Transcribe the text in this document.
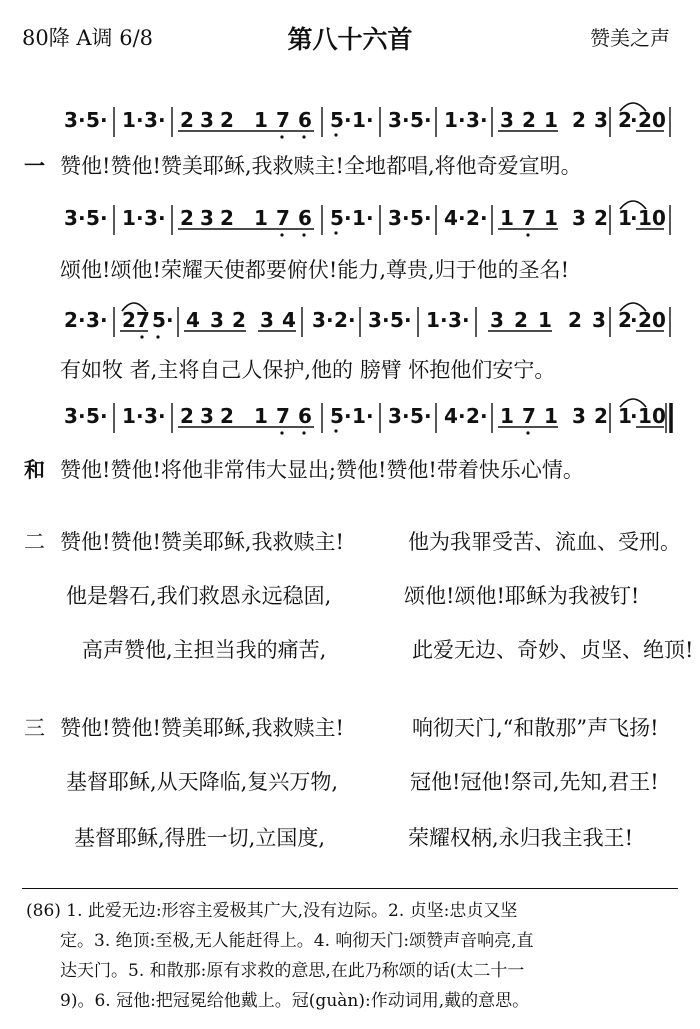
80降 A调 6/8	第八十六首	赞美之声
3 · 5 · 1 · 3 · 2 3 2 1 7 6 5 · 1 · 3 · 5 · 1 · 3 · 3 2 1 2 3 2
· 2 0
一 赞他!赞他!赞美耶稣,我救赎主!全地都唱,将他奇爱宣明。
3 · 5 · 1 · 3 · 2 3 2 1 7 6 5 · 1 · 3 · 5 · 4 · 2 · 1 7 1 3 2 1
· 1 0
颂他!颂他!荣耀天使都要俯伏!能力,尊贵,归于他的圣名!
2 · 3 · 2 7 5 · 4 3 2 3 4 3 · 2 · 3 · 5 · 1 · 3 · 3 2 1 2 3 2
· 2 0
有如牧 者,主将自己人保护,他的 膀臂 怀抱他们安宁。
3 · 5 · 1 · 3 · 2 3 2 1 7 6 5 · 1 · 3 · 5 · 4 · 2 · 1 7 1 3 2 1
· 1 0
和 赞他!赞他!将他非常伟大显出;赞他!赞他!带着快乐心情。
二 赞他!赞他!赞美耶稣,我救赎主!	他为我罪受苦、流血、受刑。
他是磐石,我们救恩永远稳固,	颂他!颂他!耶稣为我被钉!
高声赞他,主担当我的痛苦,	此爱无边、奇妙、贞坚、绝顶!
三 赞他!赞他!赞美耶稣,我救赎主!	响彻天门,“和散那”声飞扬!
基督耶稣,从天降临,复兴万物,	冠他!冠他!祭司,先知,君王!
基督耶稣,得胜一切,立国度,	荣耀权柄,永归我主我王!

(86) 1. 此爱无边:形容主爱极其广大,没有边际。2. 贞坚:忠贞又坚

　　定。3. 绝顶:至极,无人能赶得上。4. 响彻天门:颂赞声音响亮,直

　　达天门。5. 和散那:原有求救的意思,在此乃称颂的话(太二十一

　　9)。6. 冠他:把冠冕给他戴上。冠(guàn):作动词用,戴的意思。
